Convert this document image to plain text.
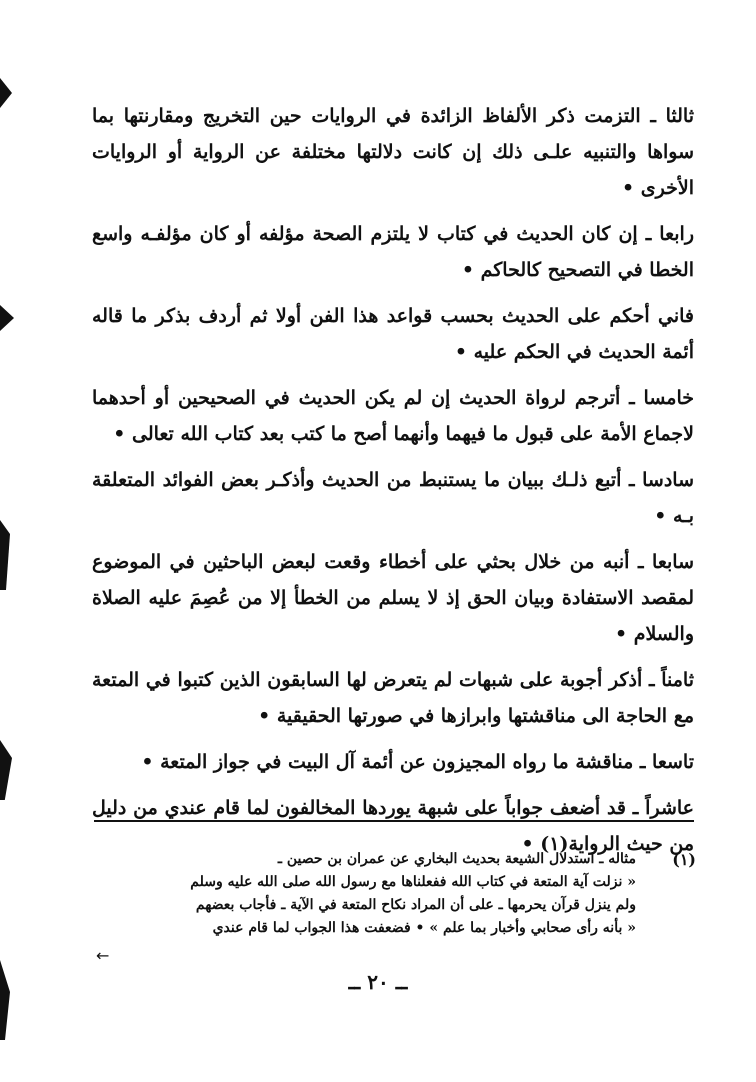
ثالثا ـ التزمت ذكر الألفاظ الزائدة في الروايات حين التخريج ومقارنتها بما سواها والتنبيه علـى ذلك إن كانت دلالتها مختلفة عن الرواية أو الروايات الأخرى •

رابعا ـ إن كان الحديث في كتاب لا يلتزم الصحة مؤلفه أو كان مؤلفـه واسع الخطا في التصحيح كالحاكم •

فاني أحكم على الحديث بحسب قواعد هذا الفن أولا ثم أردف بذكر ما قاله أئمة الحديث في الحكم عليه •

خامسا ـ أترجم لرواة الحديث إن لم يكن الحديث في الصحيحين أو أحدهما لاجماع الأمة على قبول ما فيهما وأنهما أصح ما كتب بعد كتاب الله تعالى •

سادسا ـ أتبع ذلـك ببيان ما يستنبط من الحديث وأذكـر بعض الفوائد المتعلقة بـه •

سابعا ـ أنبه من خلال بحثي على أخطاء وقعت لبعض الباحثين في الموضوع لمقصد الاستفادة وبيان الحق إذ لا يسلم من الخطأ إلا من عُصِمَ عليه الصلاة والسلام •

ثامناً ـ أذكر أجوبة على شبهات لم يتعرض لها السابقون الذين كتبوا في المتعة مع الحاجة الى مناقشتها وابرازها في صورتها الحقيقية •

تاسعا ـ مناقشة ما رواه المجيزون عن أئمة آل البيت في جواز المتعة •

عاشراً ـ قد أضعف جواباً على شبهة يوردها المخالفون لما قام عندي من دليل من حيث الرواية(١) •

(١)
مثاله ـ استدلال الشيعة بحديث البخاري عن عمران بن حصين ـ
« نزلت آية المتعة في كتاب الله ففعلناها مع رسول الله صلى الله عليه وسلم
ولم ينزل قرآن يحرمها ـ على أن المراد نكاح المتعة في الآية ـ فأجاب بعضهم
« بأنه رأى صحابي وأخبار بما علم » • فضعفت هذا الجواب لما قام عندي
←
ــ ٢٠ ــ
